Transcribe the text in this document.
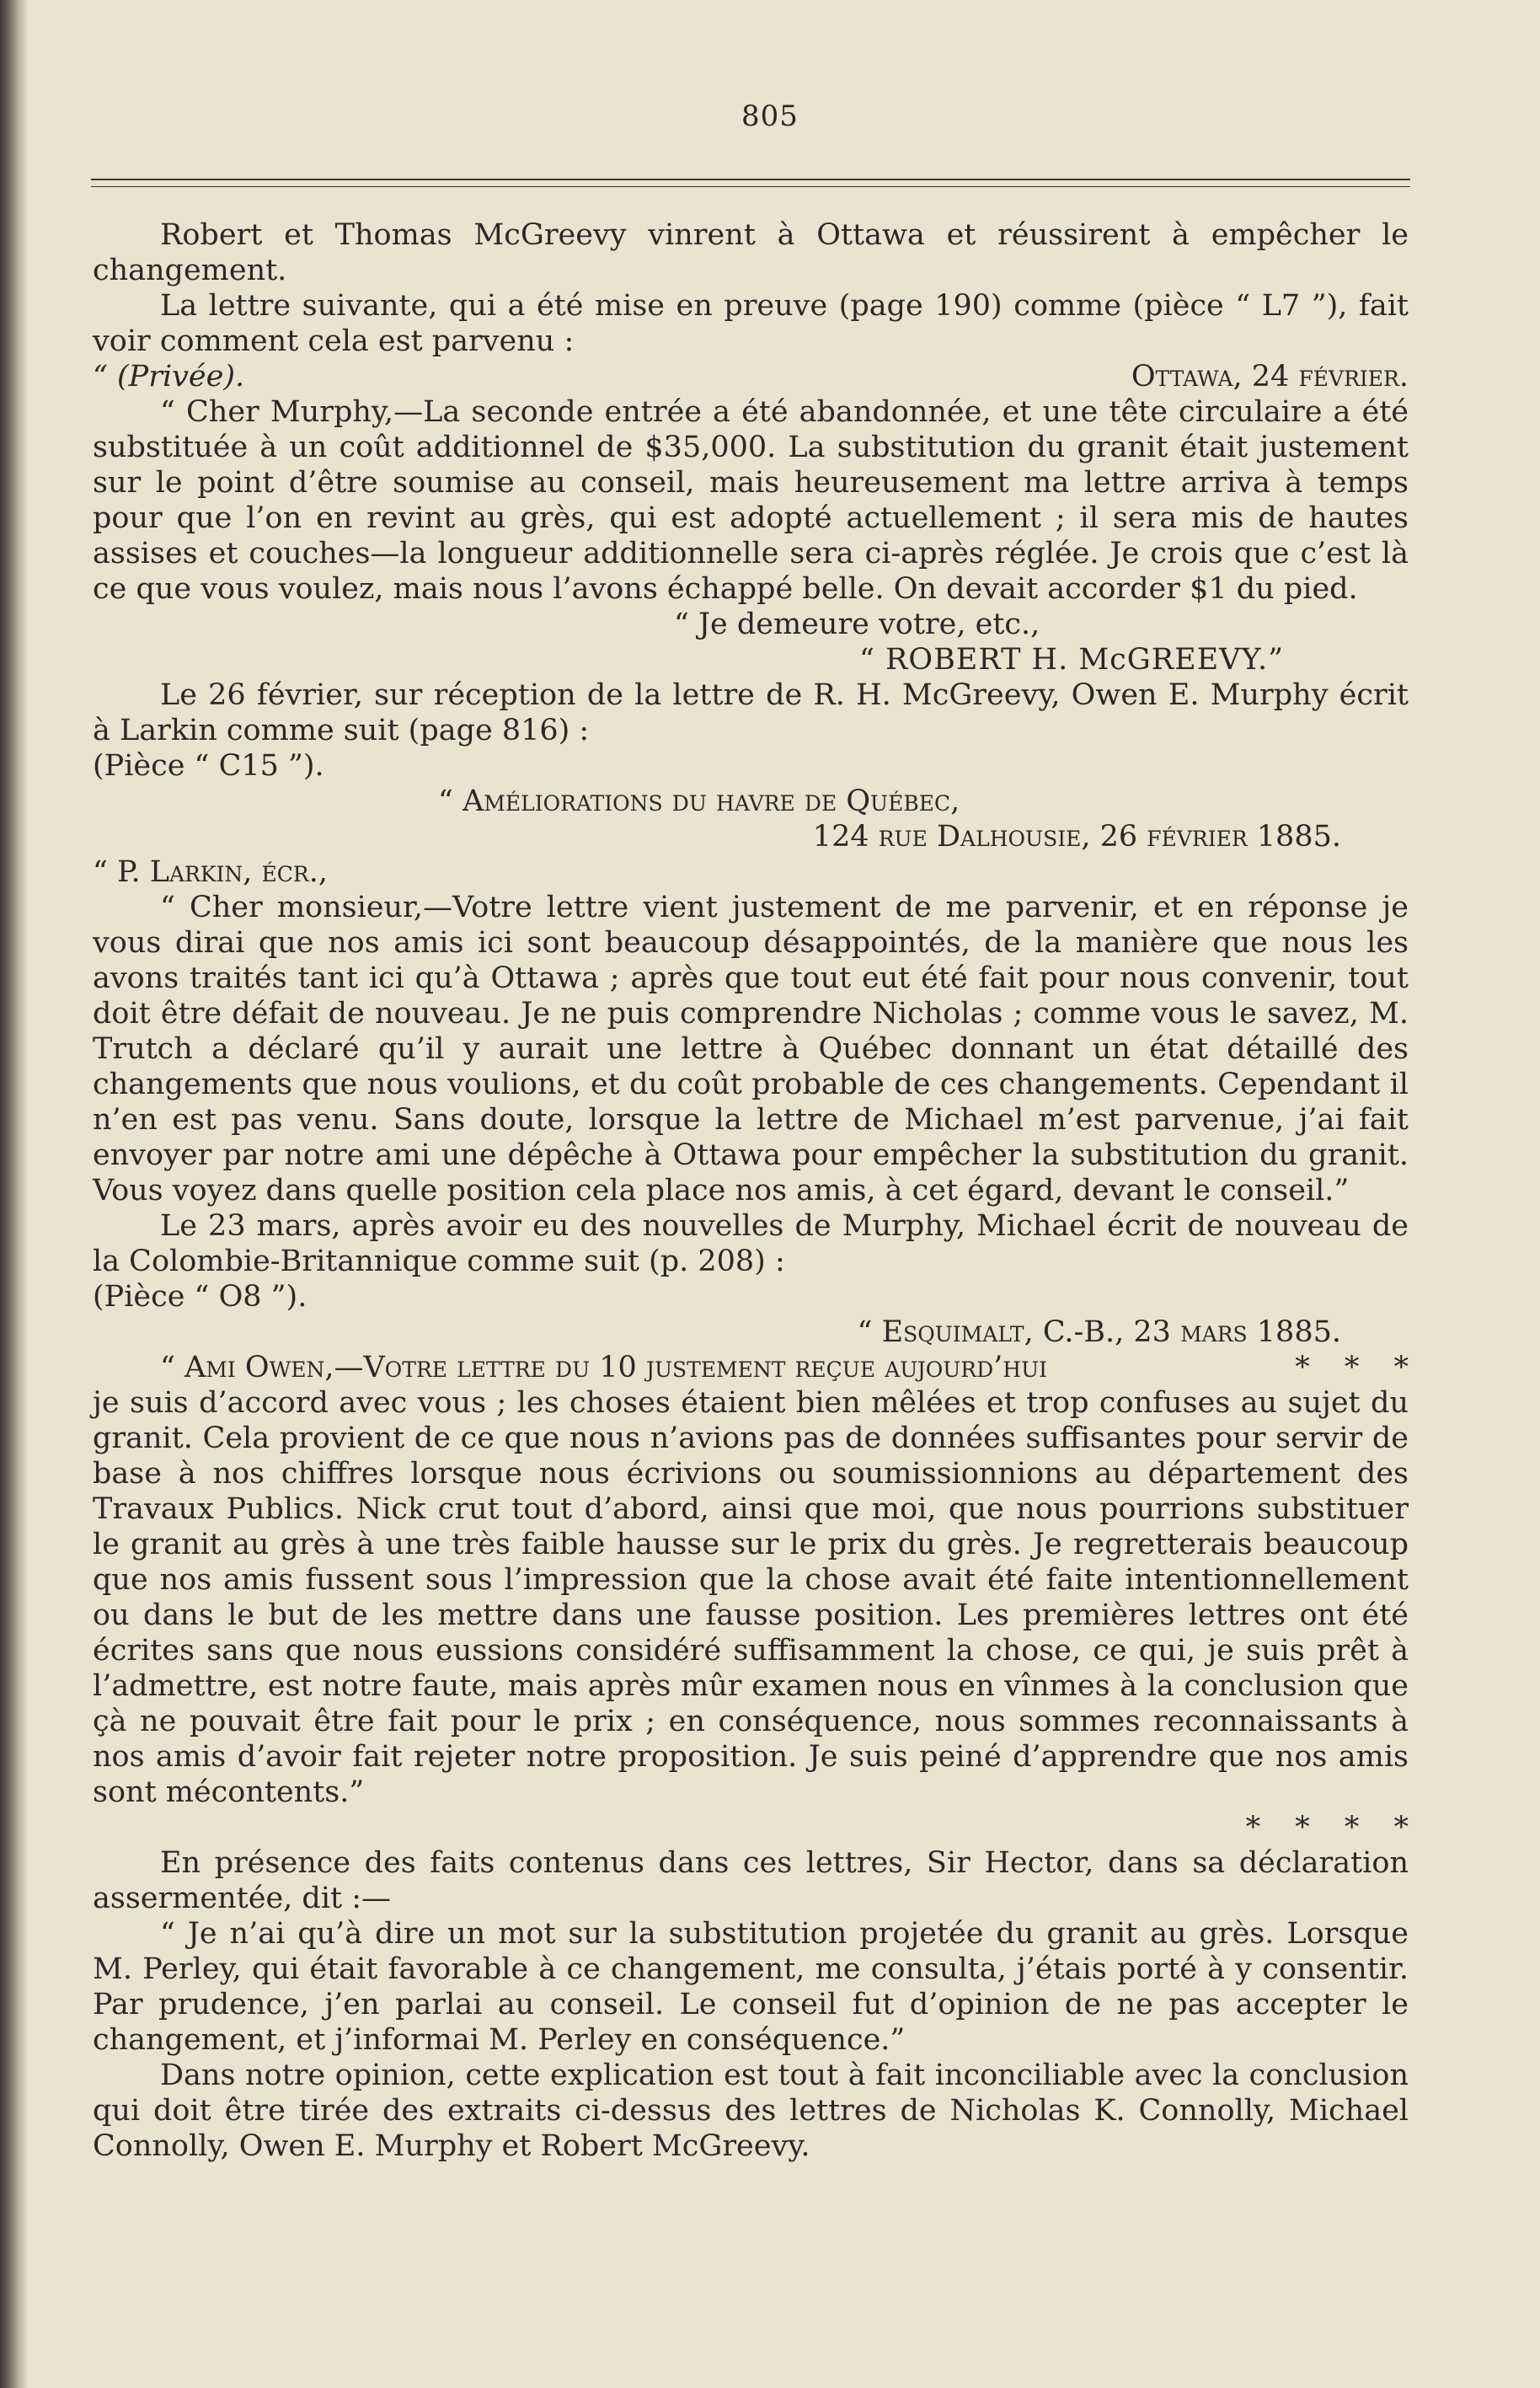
805

Robert et Thomas McGreevy vinrent à Ottawa et réussirent à empêcher le changement.

La lettre suivante, qui a été mise en preuve (page 190) comme (pièce “ L7 ”), fait voir comment cela est parvenu :

“ (Privée).	Ottawa, 24 février.

“ Cher Murphy,—La seconde entrée a été abandonnée, et une tête circulaire a été substituée à un coût additionnel de $35,000. La substitution du granit était justement sur le point d’être soumise au conseil, mais heureusement ma lettre arriva à temps pour que l’on en revint au grès, qui est adopté actuellement ; il sera mis de hautes assises et couches—la longueur additionnelle sera ci-après réglée. Je crois que c’est là ce que vous voulez, mais nous l’avons échappé belle. On devait accorder $1 du pied.

“ Je demeure votre, etc.,
“ ROBERT H. McGREEVY.”

Le 26 février, sur réception de la lettre de R. H. McGreevy, Owen E. Murphy écrit à Larkin comme suit (page 816) :

(Pièce “ C15 ”).
“ Améliorations du havre de Québec,
124 rue Dalhousie, 26 février 1885.
“ P. Larkin, écr.,

“ Cher monsieur,—Votre lettre vient justement de me parvenir, et en réponse je vous dirai que nos amis ici sont beaucoup désappointés, de la manière que nous les avons traités tant ici qu’à Ottawa ; après que tout eut été fait pour nous convenir, tout doit être défait de nouveau. Je ne puis comprendre Nicholas ; comme vous le savez, M. Trutch a déclaré qu’il y aurait une lettre à Québec donnant un état détaillé des changements que nous voulions, et du coût probable de ces changements. Cependant il n’en est pas venu. Sans doute, lorsque la lettre de Michael m’est parvenue, j’ai fait envoyer par notre ami une dépêche à Ottawa pour empêcher la substitution du granit. Vous voyez dans quelle position cela place nos amis, à cet égard, devant le conseil.”

Le 23 mars, après avoir eu des nouvelles de Murphy, Michael écrit de nouveau de la Colombie-Britannique comme suit (p. 208) :

(Pièce “ O8 ”).
“ Esquimalt, C.-B., 23 mars 1885.
“ Ami Owen,—Votre lettre du 10 justement reçue aujourd’hui	* * *

je suis d’accord avec vous ; les choses étaient bien mêlées et trop confuses au sujet du granit. Cela provient de ce que nous n’avions pas de données suffisantes pour servir de base à nos chiffres lorsque nous écrivions ou soumissionnions au département des Travaux Publics. Nick crut tout d’abord, ainsi que moi, que nous pourrions substituer le granit au grès à une très faible hausse sur le prix du grès. Je regretterais beaucoup que nos amis fussent sous l’impression que la chose avait été faite intentionnellement ou dans le but de les mettre dans une fausse position. Les premières lettres ont été écrites sans que nous eussions considéré suffisamment la chose, ce qui, je suis prêt à l’admettre, est notre faute, mais après mûr examen nous en vînmes à la conclusion que çà ne pouvait être fait pour le prix ; en conséquence, nous sommes reconnaissants à nos amis d’avoir fait rejeter notre proposition. Je suis peiné d’apprendre que nos amis sont mécontents.”

* * * *

En présence des faits contenus dans ces lettres, Sir Hector, dans sa déclaration assermentée, dit :—

“ Je n’ai qu’à dire un mot sur la substitution projetée du granit au grès. Lorsque M. Perley, qui était favorable à ce changement, me consulta, j’étais porté à y consentir. Par prudence, j’en parlai au conseil. Le conseil fut d’opinion de ne pas accepter le changement, et j’informai M. Perley en conséquence.”

Dans notre opinion, cette explication est tout à fait inconciliable avec la conclusion qui doit être tirée des extraits ci-dessus des lettres de Nicholas K. Connolly, Michael Connolly, Owen E. Murphy et Robert McGreevy.
